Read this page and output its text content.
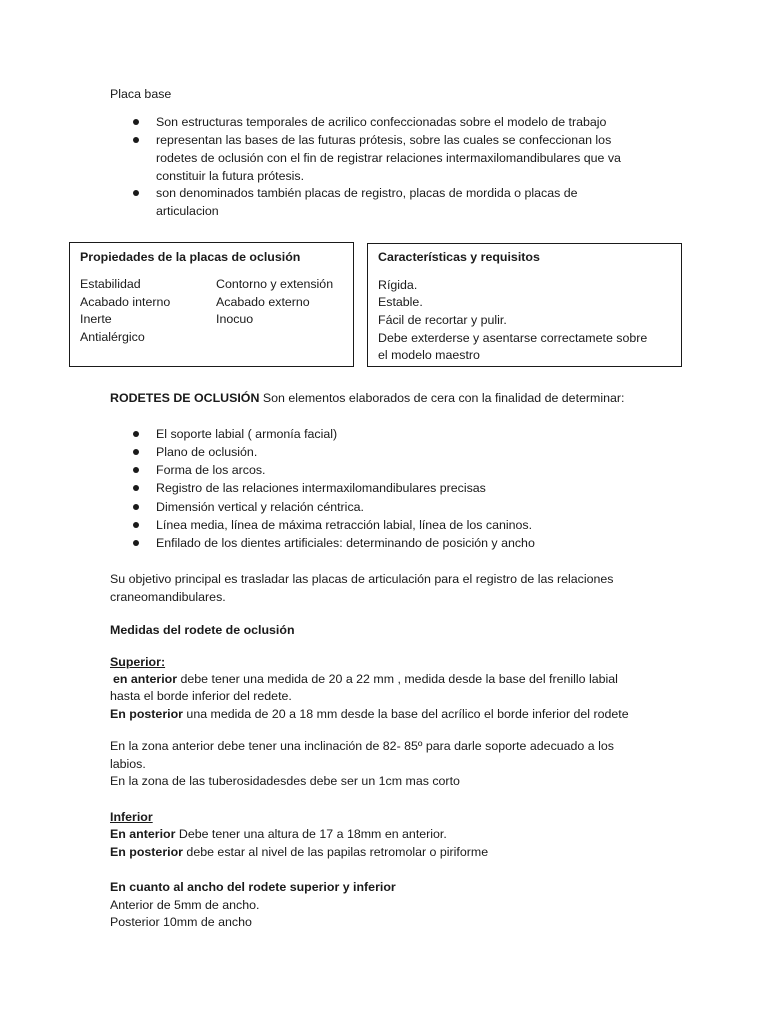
Placa base
Son estructuras temporales de acrilico confeccionadas sobre el modelo de trabajo
representan las bases de las futuras prótesis, sobre las cuales se confeccionan los
rodetes de oclusión con el fin de registrar relaciones intermaxilomandibulares que va
constituir la futura prótesis.
son denominados también placas de registro, placas de mordida o placas de
articulacion
Propiedades de la placas de oclusión
Estabilidad
Acabado interno
Inerte
Antialérgico
Contorno y extensión
Acabado externo
Inocuo
Características y requisitos
Rígida.
Estable.
Fácil de recortar y pulir.
Debe exterderse y asentarse correctamete sobre
el modelo maestro
RODETES DE OCLUSIÓN Son elementos elaborados de cera con la finalidad de determinar:
El soporte labial ( armonía facial)
Plano de oclusión.
Forma de los arcos.
Registro de las relaciones intermaxilomandibulares precisas
Dimensión vertical y relación céntrica.
Línea media, línea de máxima retracción labial, línea de los caninos.
Enfilado de los dientes artificiales: determinando de posición y ancho
Su objetivo principal es trasladar las placas de articulación para el registro de las relaciones
craneomandibulares.
Medidas del rodete de oclusión
Superior:
en anterior debe tener una medida de 20 a 22 mm , medida desde la base del frenillo labial
hasta el borde inferior del redete.
En posterior una medida de 20 a 18 mm desde la base del acrílico el borde inferior del rodete
En la zona anterior debe tener una inclinación de 82- 85º para darle soporte adecuado a los
labios.
En la zona de las tuberosidadesdes debe ser un 1cm mas corto
Inferior
En anterior Debe tener una altura de 17 a 18mm en anterior.
En posterior debe estar al nivel de las papilas retromolar o piriforme
En cuanto al ancho del rodete superior y inferior
Anterior de 5mm de ancho.
Posterior 10mm de ancho
